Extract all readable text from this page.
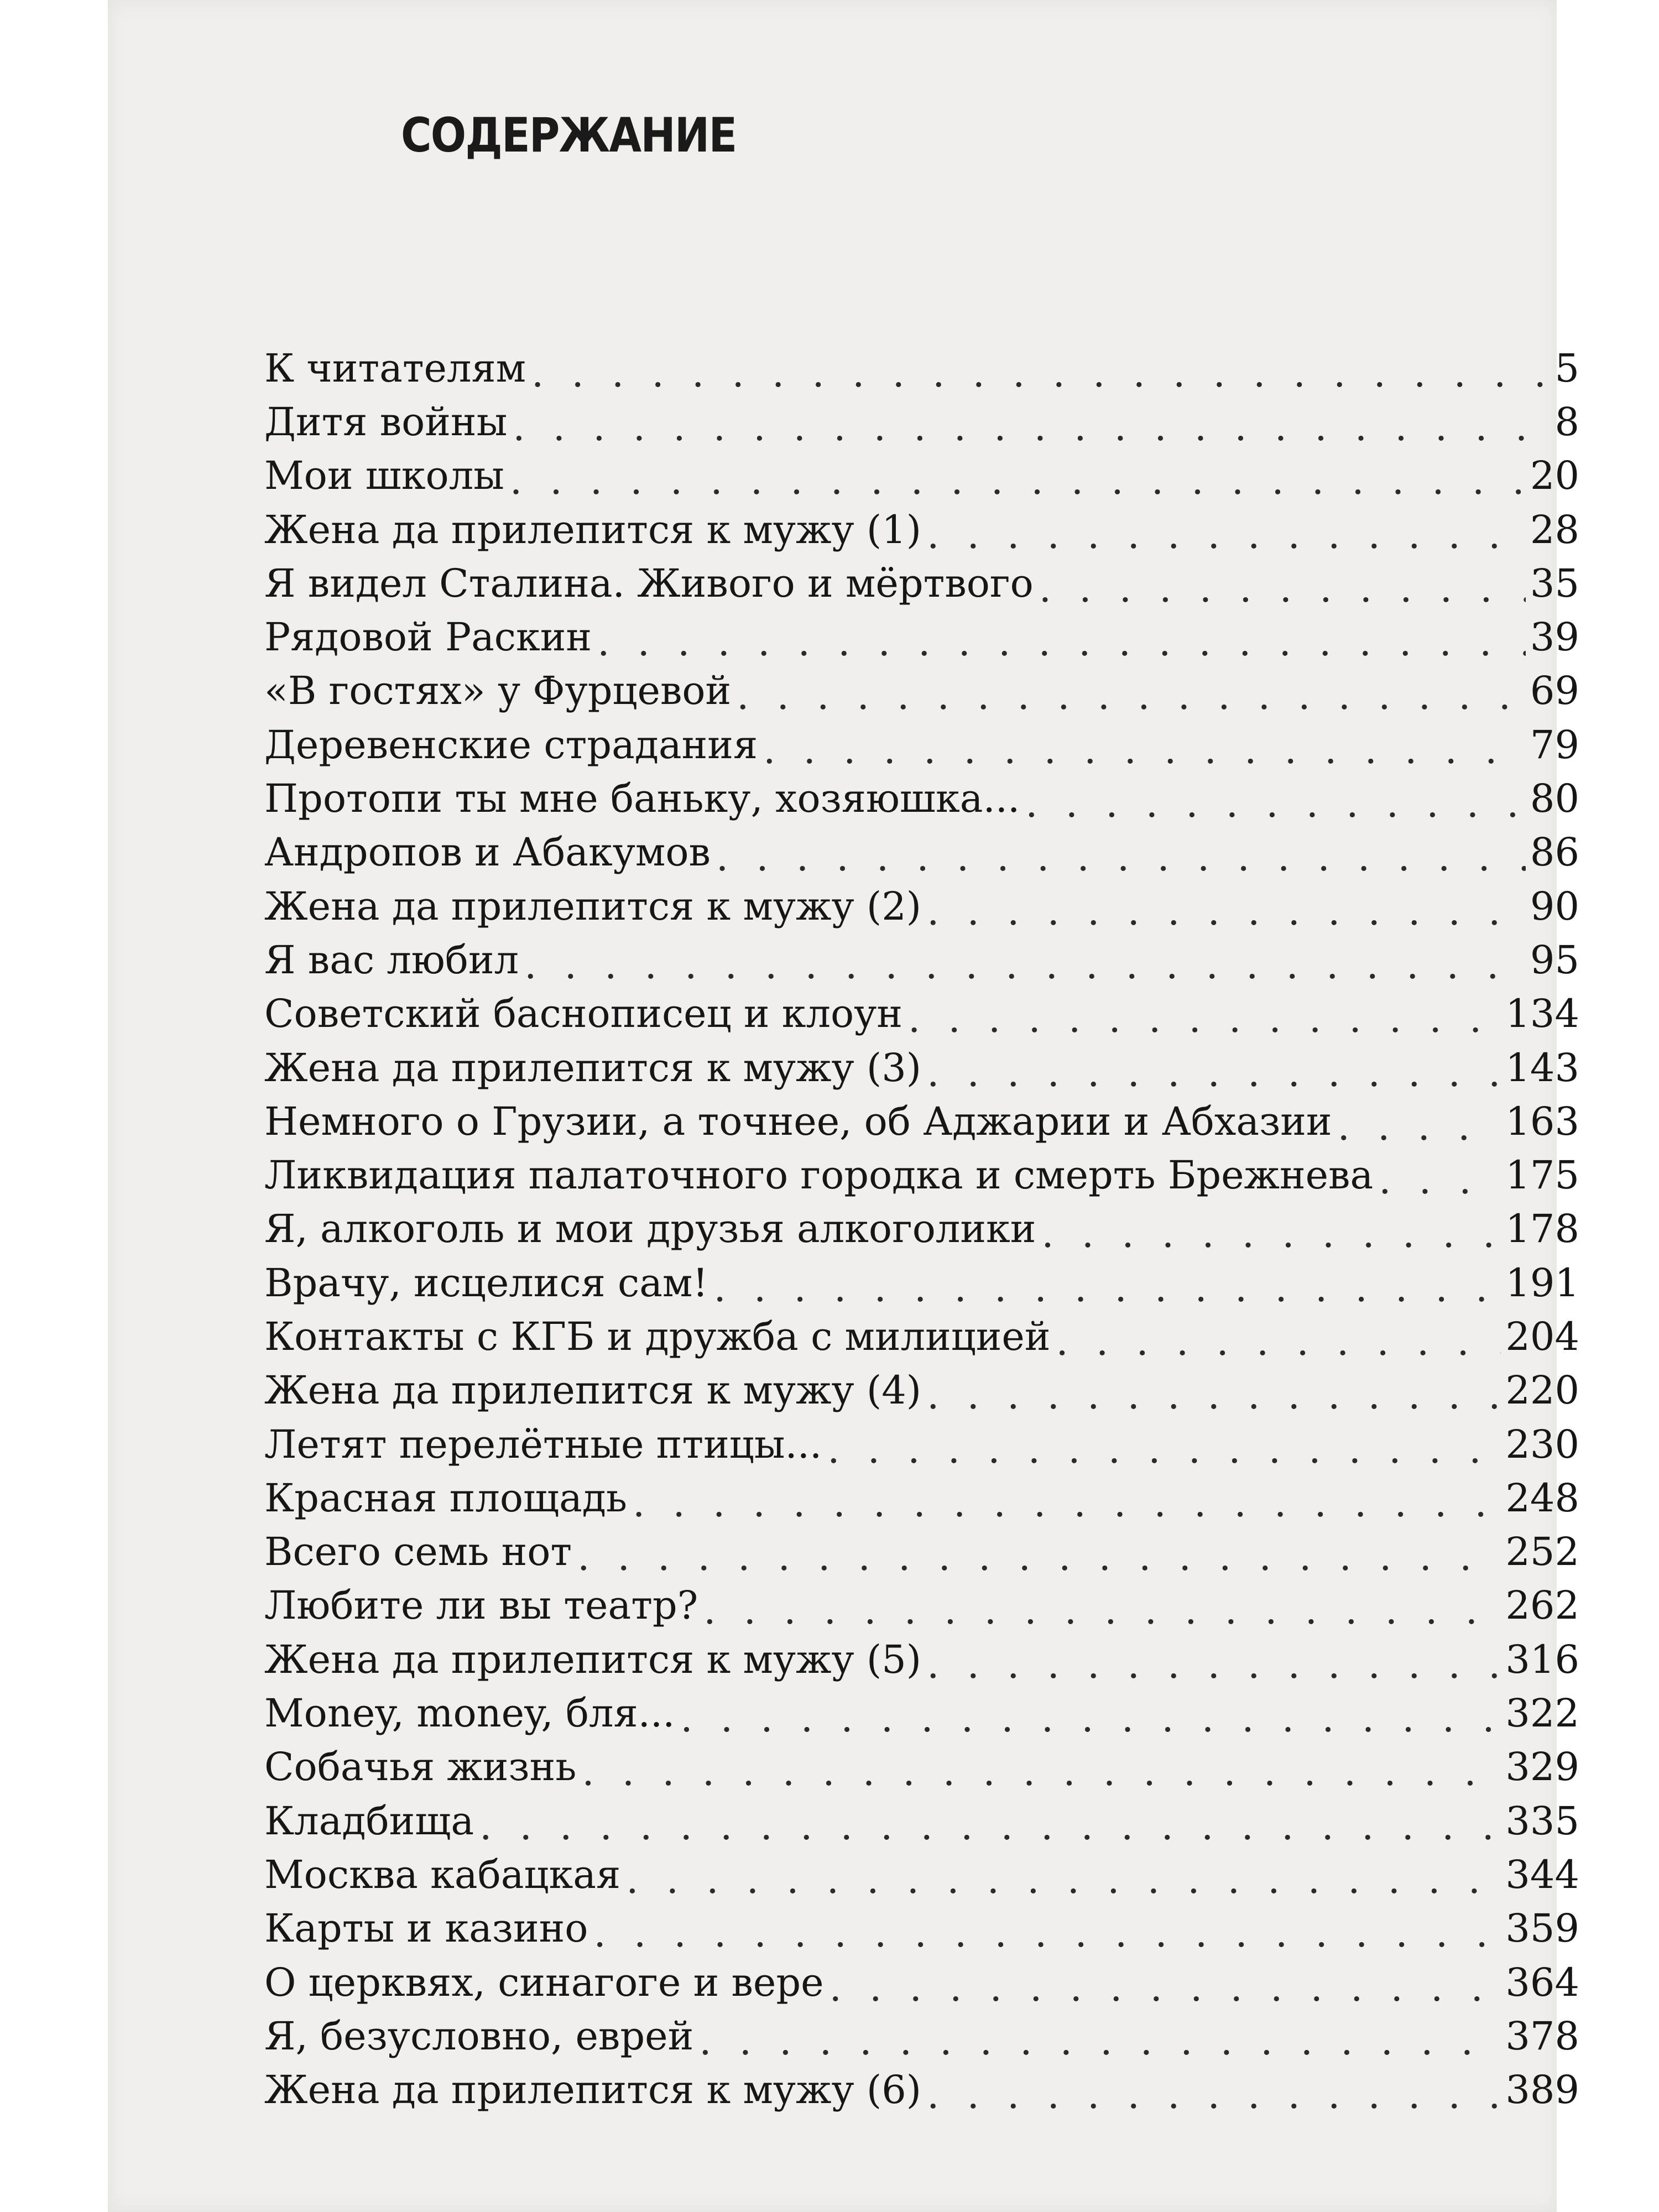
СОДЕРЖАНИЕ
К читателям . . .	5
Дитя войны . . .	8
Мои школы . . .	20
Жена да прилепится к мужу (1) . . .	28
Я видел Сталина. Живого и мёртвого . . .	35
Рядовой Раскин . . .	39
«В гостях» у Фурцевой . . .	69
Деревенские страдания . . .	79
Протопи ты мне баньку, хозяюшка... . . .	80
Андропов и Абакумов . . .	86
Жена да прилепится к мужу (2) . . .	90
Я вас любил . . .	95
Советский баснописец и клоун . . .	134
Жена да прилепится к мужу (3) . . .	143
Немного о Грузии, а точнее, об Аджарии и Абхазии . . .	163
Ликвидация палаточного городка и смерть Брежнева . . .	175
Я, алкоголь и мои друзья алкоголики . . .	178
Врачу, исцелися сам! . . .	191
Контакты с КГБ и дружба с милицией . . .	204
Жена да прилепится к мужу (4) . . .	220
Летят перелётные птицы... . . .	230
Красная площадь . . .	248
Всего семь нот . . .	252
Любите ли вы театр? . . .	262
Жена да прилепится к мужу (5) . . .	316
Money, money, бля... . . .	322
Собачья жизнь . . .	329
Кладбища . . .	335
Москва кабацкая . . .	344
Карты и казино . . .	359
О церквях, синагоге и вере . . .	364
Я, безусловно, еврей . . .	378
Жена да прилепится к мужу (6) . . .	389
